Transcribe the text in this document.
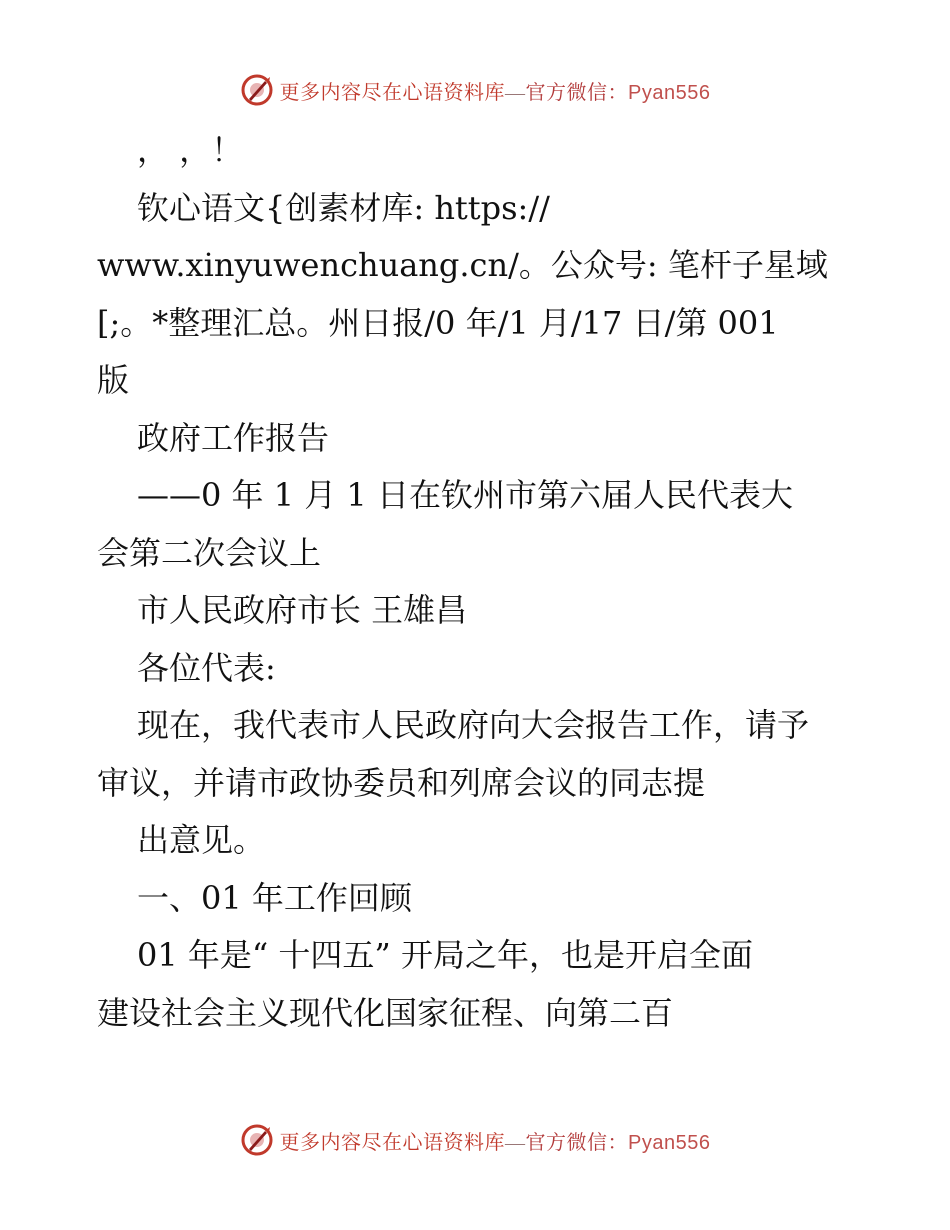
更多内容尽在心语资料库—官方微信：Pyan556
， ，！
钦心语文{创素材库: https://
www.xinyuwenchuang.cn/。公众号: 笔杆子星域
[;。*整理汇总。州日报/0 年/1 月/17 日/第 001
版
政府工作报告
——0 年 1 月 1 日在钦州市第六届人民代表大
会第二次会议上
市人民政府市长 王雄昌
各位代表:
现在，我代表市人民政府向大会报告工作，请予
审议，并请市政协委员和列席会议的同志提
出意见。
一、01 年工作回顾
01 年是“ 十四五” 开局之年，也是开启全面
建设社会主义现代化国家征程、向第二百
更多内容尽在心语资料库—官方微信：Pyan556
